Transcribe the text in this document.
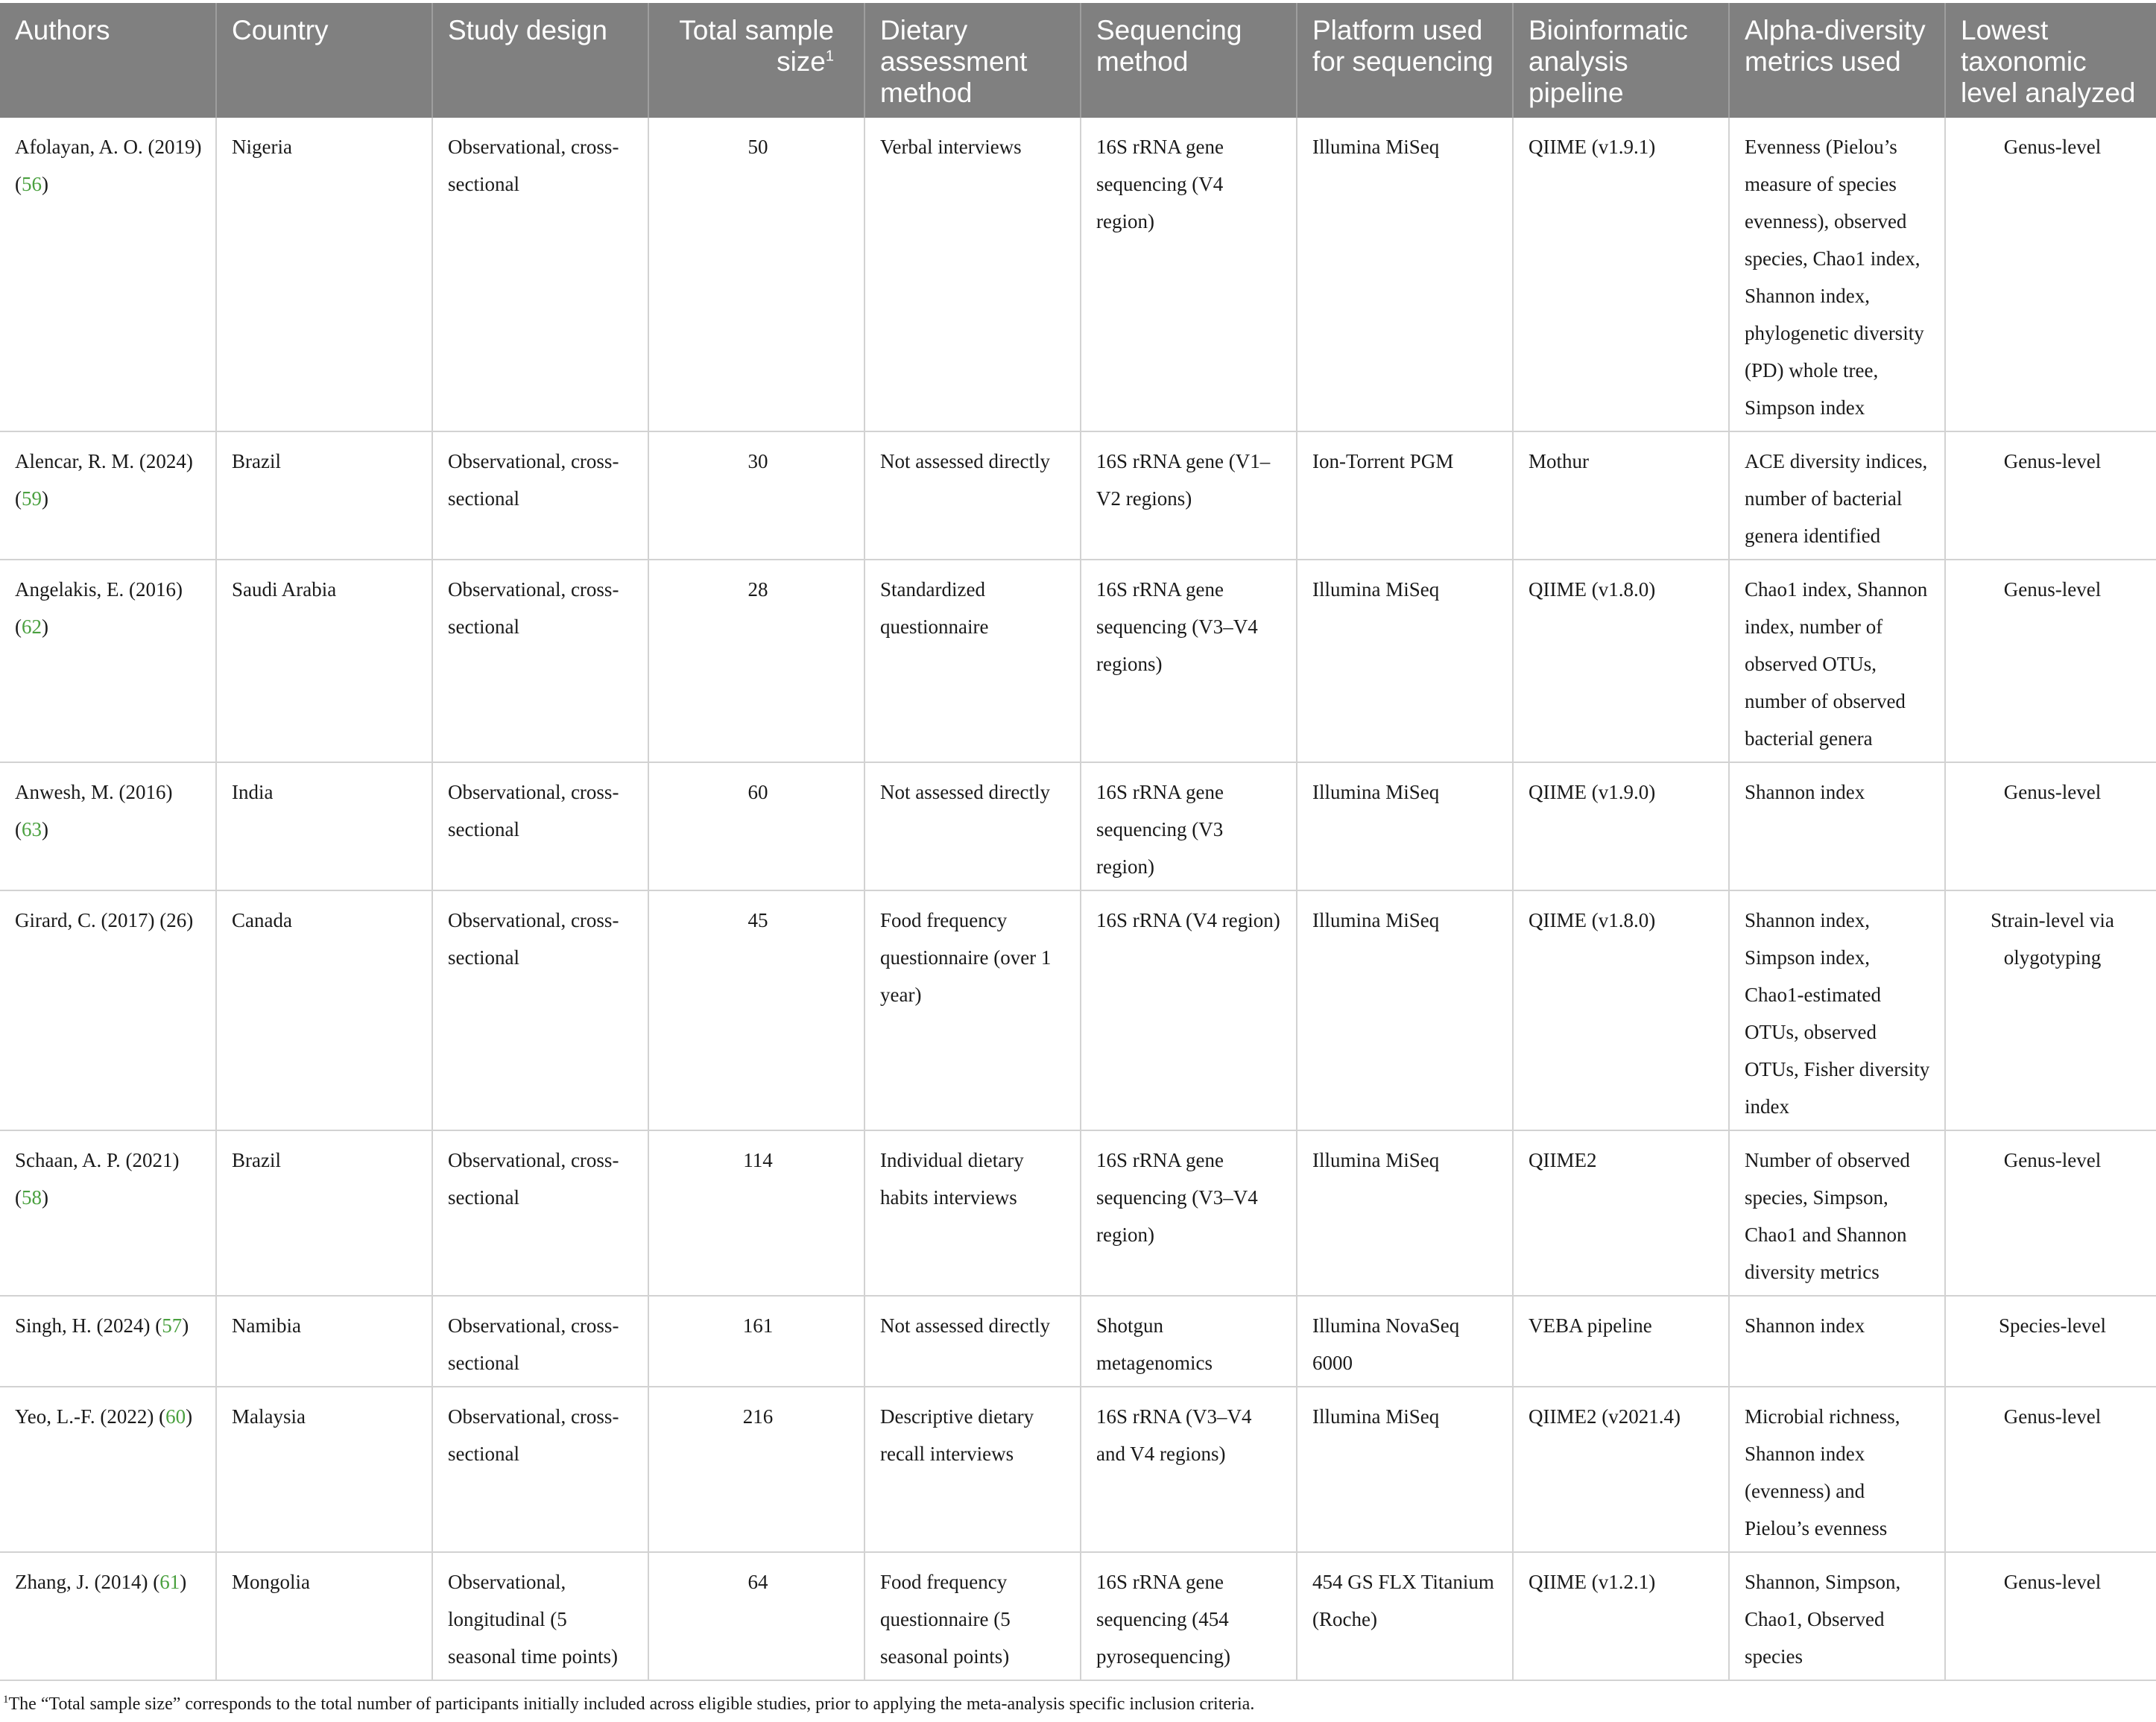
Authors	Country	Study design	Total sample size$^1$	Dietary assessment method	Sequencing method	Platform used for sequencing	Bioinformatic analysis pipeline	Alpha-diversity metrics used	Lowest taxonomic level analyzed
Afolayan, A. O. (2019) (56)	Nigeria	Observational, cross-sectional	50	Verbal interviews	16S rRNA gene sequencing (V4 region)	Illumina MiSeq	QIIME (v1.9.1)	Evenness (Pielou’s measure of species evenness), observed species, Chao1 index, Shannon index, phylogenetic diversity (PD) whole tree, Simpson index	Genus-level
Alencar, R. M. (2024) (59)	Brazil	Observational, cross-sectional	30	Not assessed directly	16S rRNA gene (V1–V2 regions)	Ion-Torrent PGM	Mothur	ACE diversity indices, number of bacterial genera identified	Genus-level
Angelakis, E. (2016) (62)	Saudi Arabia	Observational, cross-sectional	28	Standardized questionnaire	16S rRNA gene sequencing (V3–V4 regions)	Illumina MiSeq	QIIME (v1.8.0)	Chao1 index, Shannon index, number of observed OTUs, number of observed bacterial genera	Genus-level
Anwesh, M. (2016) (63)	India	Observational, cross-sectional	60	Not assessed directly	16S rRNA gene sequencing (V3 region)	Illumina MiSeq	QIIME (v1.9.0)	Shannon index	Genus-level
Girard, C. (2017) (26)	Canada	Observational, cross-sectional	45	Food frequency questionnaire (over 1 year)	16S rRNA (V4 region)	Illumina MiSeq	QIIME (v1.8.0)	Shannon index, Simpson index, Chao1-estimated OTUs, observed OTUs, Fisher diversity index	Strain-level via olygotyping
Schaan, A. P. (2021) (58)	Brazil	Observational, cross-sectional	114	Individual dietary habits interviews	16S rRNA gene sequencing (V3–V4 region)	Illumina MiSeq	QIIME2	Number of observed species, Simpson, Chao1 and Shannon diversity metrics	Genus-level
Singh, H. (2024) (57)	Namibia	Observational, cross-sectional	161	Not assessed directly	Shotgun metagenomics	Illumina NovaSeq 6000	VEBA pipeline	Shannon index	Species-level
Yeo, L.-F. (2022) (60)	Malaysia	Observational, cross-sectional	216	Descriptive dietary recall interviews	16S rRNA (V3–V4 and V4 regions)	Illumina MiSeq	QIIME2 (v2021.4)	Microbial richness, Shannon index (evenness) and Pielou’s evenness	Genus-level
Zhang, J. (2014) (61)	Mongolia	Observational, longitudinal (5 seasonal time points)	64	Food frequency questionnaire (5 seasonal points)	16S rRNA gene sequencing (454 pyrosequencing)	454 GS FLX Titanium (Roche)	QIIME (v1.2.1)	Shannon, Simpson, Chao1, Observed species	Genus-level
$^1$The “Total sample size” corresponds to the total number of participants initially included across eligible studies, prior to applying the meta-analysis specific inclusion criteria.
